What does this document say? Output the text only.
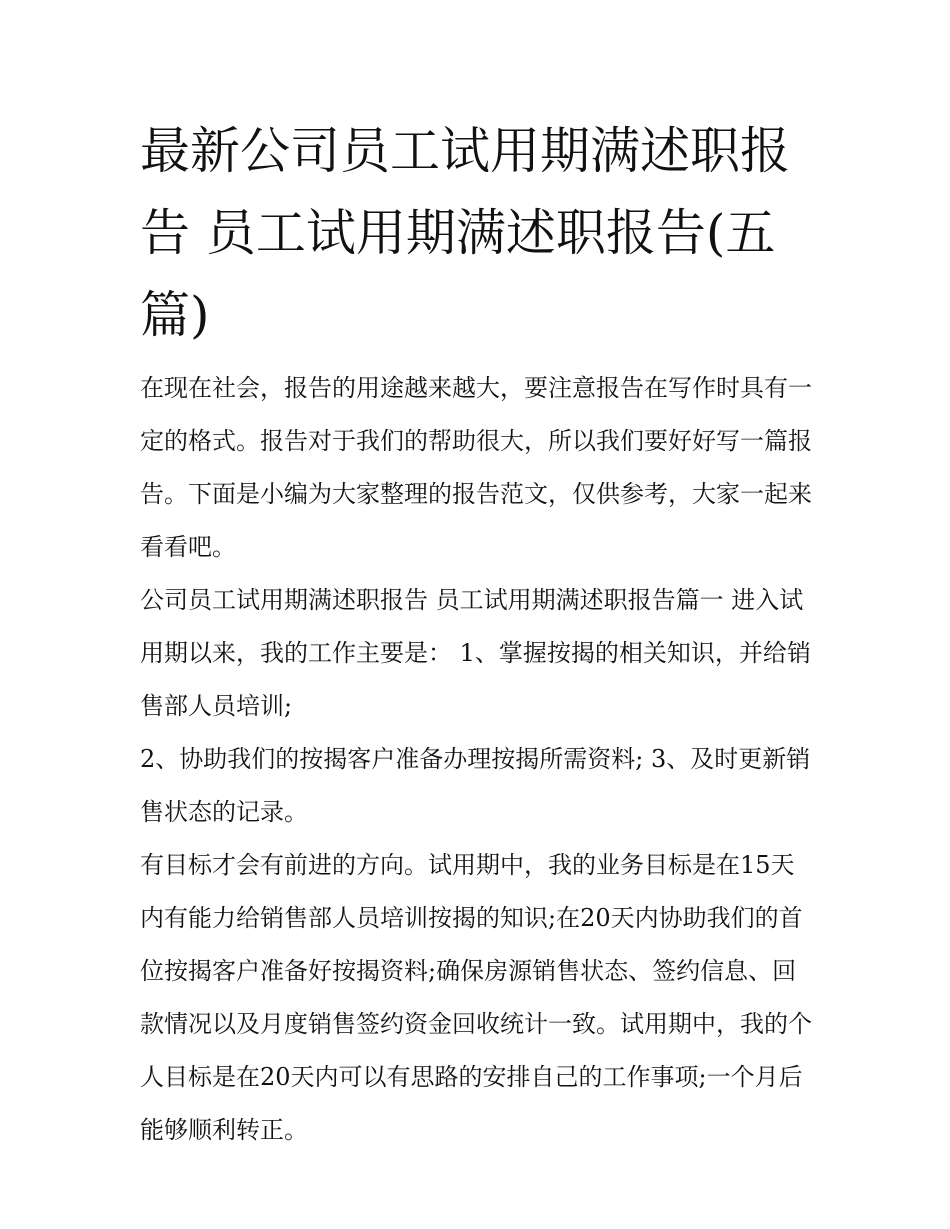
最新公司员工试用期满述职报告 员工试用期满述职报告(五篇)

在现在社会，报告的用途越来越大，要注意报告在写作时具有一定的格式。报告对于我们的帮助很大，所以我们要好好写一篇报告。下面是小编为大家整理的报告范文，仅供参考，大家一起来看看吧。

公司员工试用期满述职报告 员工试用期满述职报告篇一 进入试用期以来，我的工作主要是： 1、掌握按揭的相关知识，并给销售部人员培训;

2、协助我们的按揭客户准备办理按揭所需资料; 3、及时更新销售状态的记录。

有目标才会有前进的方向。试用期中，我的业务目标是在15天内有能力给销售部人员培训按揭的知识;在20天内协助我们的首位按揭客户准备好按揭资料;确保房源销售状态、签约信息、回款情况以及月度销售签约资金回收统计一致。试用期中，我的个人目标是在20天内可以有思路的安排自己的工作事项;一个月后能够顺利转正。
